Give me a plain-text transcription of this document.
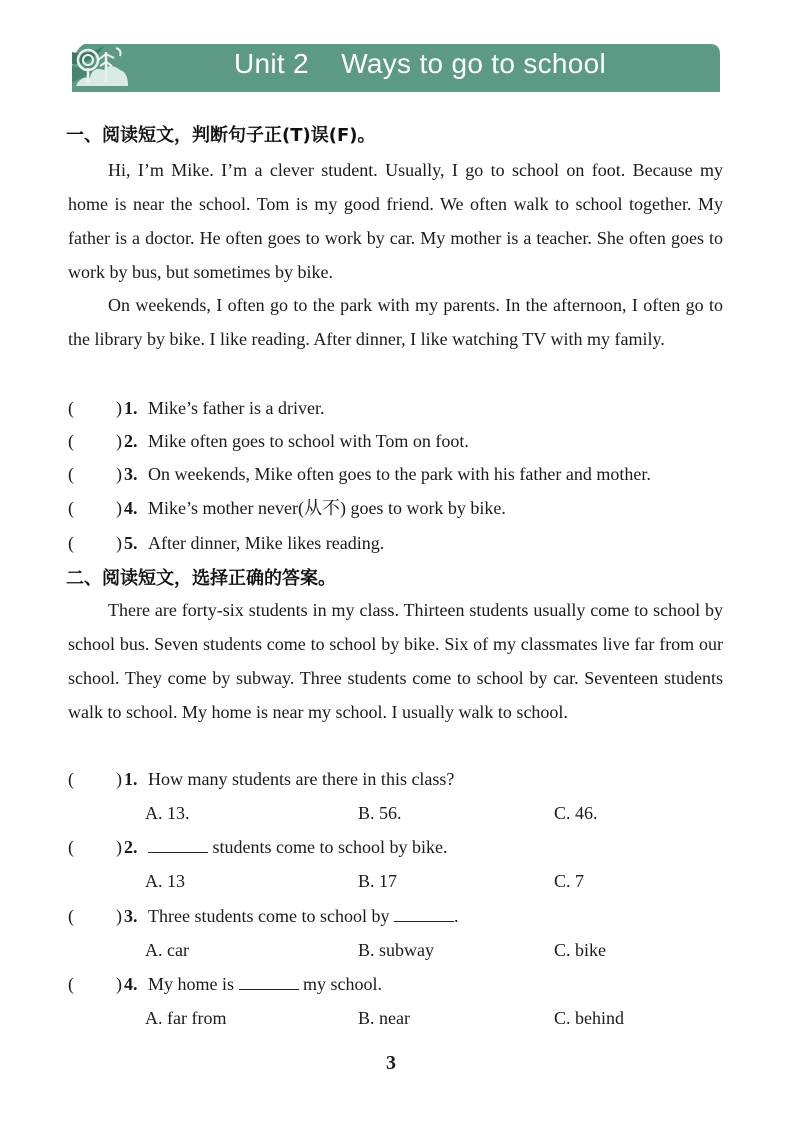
Unit 2    Ways to go to school
一、阅读短文，判断句子正(T)误(F)。
Hi, I’m Mike. I’m a clever student. Usually, I go to school on foot. Because my home is near the school. Tom is my good friend. We often walk to school together. My father is a doctor. He often goes to work by car. My mother is a teacher. She often goes to work by bus, but sometimes by bike.
On weekends, I often go to the park with my parents. In the afternoon, I often go to the library by bike. I like reading. After dinner, I like watching TV with my family.
( ) 1. Mike’s father is a driver.
( ) 2. Mike often goes to school with Tom on foot.
( ) 3. On weekends, Mike often goes to the park with his father and mother.
( ) 4. Mike’s mother never(从不) goes to work by bike.
( ) 5. After dinner, Mike likes reading.
二、阅读短文，选择正确的答案。
There are forty-six students in my class. Thirteen students usually come to school by school bus. Seven students come to school by bike. Six of my classmates live far from our school. They come by subway. Three students come to school by car. Seventeen students walk to school. My home is near my school. I usually walk to school.
( ) 1. How many students are there in this class?
A. 13.	B. 56.	C. 46.
( ) 2.	students come to school by bike.
A. 13	B. 17	C. 7
( ) 3. Three students come to school by	.
A. car	B. subway	C. bike
( ) 4. My home is	my school.
A. far from	B. near	C. behind
3
